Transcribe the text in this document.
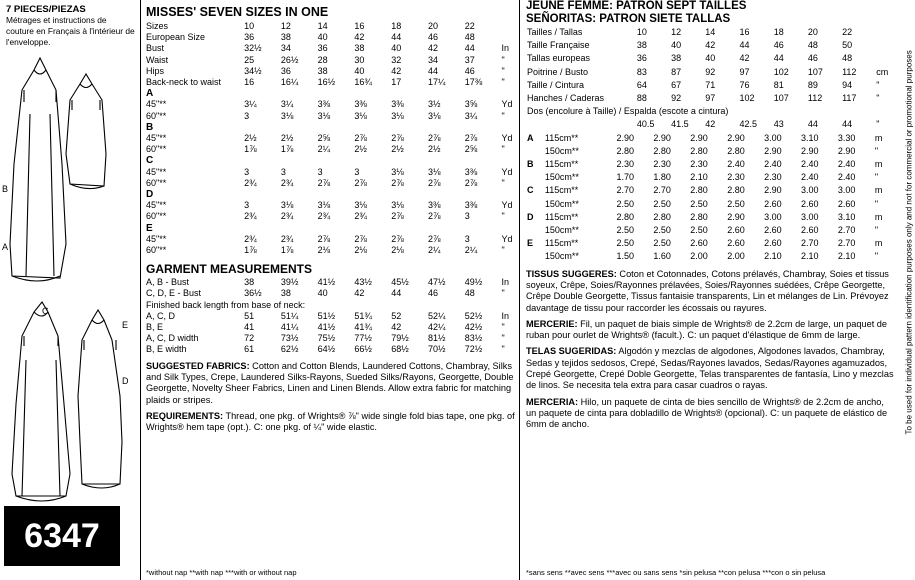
7 PIECES/PIEZAS
Métrages et instructions de couture en Français à l'intérieur de l'enveloppe.
B
A
C
E
D
6347
MISSES' SEVEN SIZES IN ONE
Sizes	10	12	14	16	18	20	22	
European Size	36	38	40	42	44	46	48	
Bust	32½	34	36	38	40	42	44	In
Waist	25	26½	28	30	32	34	37	"
Hips	34½	36	38	40	42	44	46	"
Back-neck to waist	16	16¼	16½	16¾	17	17¼	17⅜	"
A								
45"**	3¼	3¼	3⅜	3⅜	3⅜	3½	3⅝	Yd
60"**	3	3⅛	3⅛	3⅛	3⅛	3⅛	3¼	"
B								
45"**	2½	2½	2⅝	2⅞	2⅞	2⅞	2⅞	Yd
60"**	1⅞	1⅞	2¼	2½	2½	2½	2⅝	"
C								
45"**	3	3	3	3	3⅛	3⅛	3⅜	Yd
60"**	2¾	2¾	2⅞	2⅞	2⅞	2⅞	2⅞	"
D								
45"**	3	3⅛	3⅛	3⅛	3⅛	3⅜	3⅜	Yd
60"**	2¾	2¾	2¾	2¾	2⅞	2⅞	3	"
E								
45"**	2¾	2¾	2⅞	2⅞	2⅞	2⅞	3	Yd
60"**	1⅞	1⅞	2⅛	2⅛	2⅛	2¼	2¼	"
GARMENT MEASUREMENTS
A, B - Bust	38	39½	41½	43½	45½	47½	49½	In
C, D, E - Bust	36½	38	40	42	44	46	48	"
Finished back length from base of neck:								
A, C, D	51	51¼	51½	51¾	52	52¼	52½	In
B, E	41	41¼	41½	41¾	42	42¼	42½	"
A, C, D width	72	73½	75½	77½	79½	81½	83½	"
B, E width	61	62½	64½	66½	68½	70½	72½	"
SUGGESTED FABRICS: Cotton and Cotton Blends, Laundered Cottons, Chambray, Silks and Silk Types, Crepe, Laundered Silks-Rayons, Sueded Silks/Rayons, Georgette, Double Georgette, Novelty Sheer Fabrics, Linen and Linen Blends. Allow extra fabric for matching plaids or stripes.
REQUIREMENTS: Thread, one pkg. of Wrights® ⅞" wide single fold bias tape, one pkg. of Wrights® hem tape (opt.). C: one pkg. of ¼" wide elastic.
*without nap **with nap ***with or without nap
JEUNE FEMME: PATRON SEPT TAILLES
SEÑORITAS: PATRON SIETE TALLAS
Tailles / Tallas	10	12	14	16	18	20	22	
Taille Française	38	40	42	44	46	48	50	
Tallas europeas	36	38	40	42	44	46	48	
Poitrine / Busto	83	87	92	97	102	107	112	cm
Taille / Cintura	64	67	71	76	81	89	94	"
Hanches / Caderas	88	92	97	102	107	112	117	"
Dos (encolure à Taille) / Espalda (escote a cintura)								
	40.5	41.5	42	42.5	43	44	44	"
A	115cm**	2.90	2.90	2.90	2.90	3.00	3.10	3.30	m
	150cm**	2.80	2.80	2.80	2.80	2.90	2.90	2.90	"
B	115cm**	2.30	2.30	2.30	2.40	2.40	2.40	2.40	m
	150cm**	1.70	1.80	2.10	2.30	2.30	2.40	2.40	"
C	115cm**	2.70	2.70	2.80	2.80	2.90	3.00	3.00	m
	150cm**	2.50	2.50	2.50	2.50	2.60	2.60	2.60	"
D	115cm**	2.80	2.80	2.80	2.90	3.00	3.00	3.10	m
	150cm**	2.50	2.50	2.50	2.60	2.60	2.60	2.70	"
E	115cm**	2.50	2.50	2.60	2.60	2.60	2.70	2.70	m
	150cm**	1.50	1.60	2.00	2.00	2.10	2.10	2.10	"
TISSUS SUGGERES: Coton et Cotonnades, Cotons prélavés, Chambray, Soies et tissus soyeux, Crêpe, Soies/Rayonnes prélavées, Soies/Rayonnes suédées, Crêpe Georgette, Crêpe Double Georgette, Tissus fantaisie transparents, Lin et mélanges de Lin. Prévoyez davantage de tissu pour raccorder les écossais ou rayures.
MERCERIE: Fil, un paquet de biais simple de Wrights® de 2.2cm de large, un paquet de ruban pour ourlet de Wrights® (facult.). C: un paquet d'élastique de 6mm de large.
TELAS SUGERIDAS: Algodón y mezclas de algodones, Algodones lavados, Chambray, Sedas y tejidos sedosos, Crepé, Sedas/Rayones lavados, Sedas/Rayones agamuzados, Crepé Georgette, Crepé Doble Georgette, Telas transparentes de fantasía, Lino y mezclas de linos. Se necesita tela extra para casar cuadros o rayas.
MERCERIA: Hilo, un paquete de cinta de bies sencillo de Wrights® de 2.2cm de ancho, un paquete de cinta para dobladillo de Wrights® (opcional). C: un paquete de elástico de 6mm de ancho.
*sans sens **avec sens ***avec ou sans sens *sin pelusa **con pelusa ***con o sin pelusa
To be used for individual pattern identification purposes only and not for commercial or promotional purposes
